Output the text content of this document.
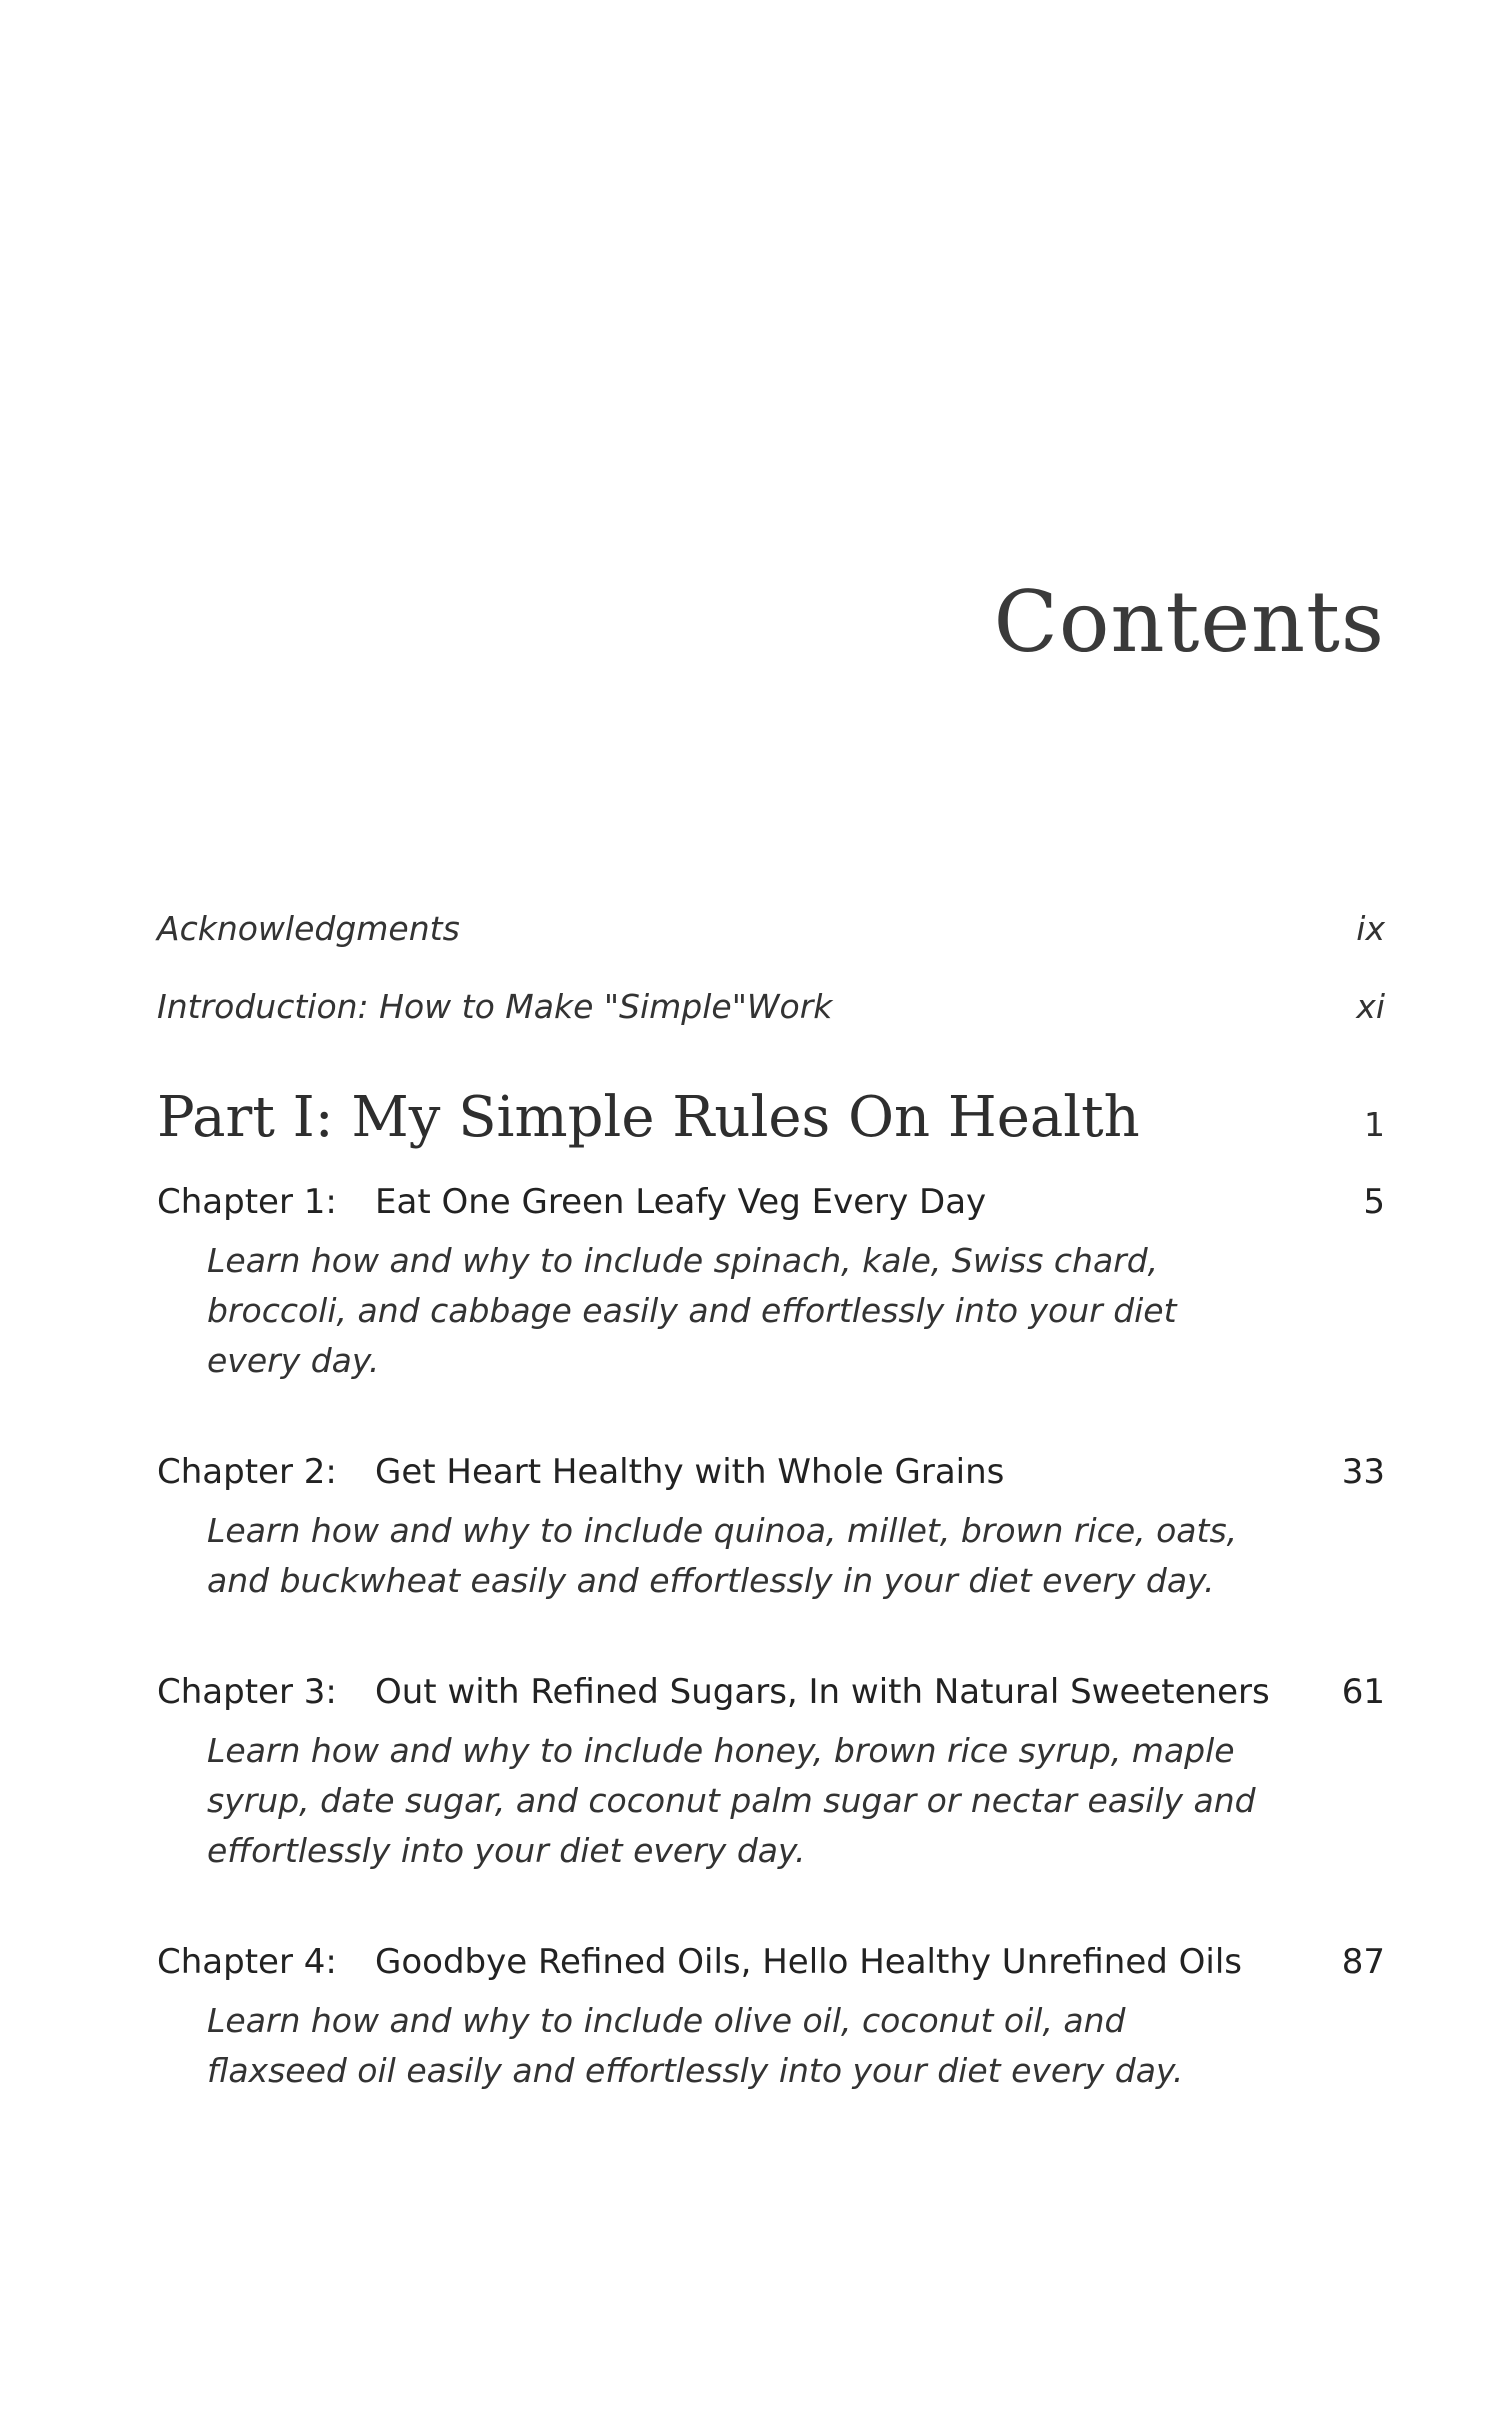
Contents
Acknowledgments	ix
Introduction: How to Make "Simple"Work	xi
Part I: My Simple Rules On Health	1
Chapter 1:	Eat One Green Leafy Veg Every Day	5
Learn how and why to include spinach, kale, Swiss chard, broccoli, and cabbage easily and effortlessly into your diet every day.
Chapter 2:	Get Heart Healthy with Whole Grains	33
Learn how and why to include quinoa, millet, brown rice, oats, and buckwheat easily and effortlessly in your diet every day.
Chapter 3:	Out with Refined Sugars, In with Natural Sweeteners	61
Learn how and why to include honey, brown rice syrup, maple syrup, date sugar, and coconut palm sugar or nectar easily and effortlessly into your diet every day.
Chapter 4:	Goodbye Refined Oils, Hello Healthy Unrefined Oils	87
Learn how and why to include olive oil, coconut oil, and flaxseed oil easily and effortlessly into your diet every day.
